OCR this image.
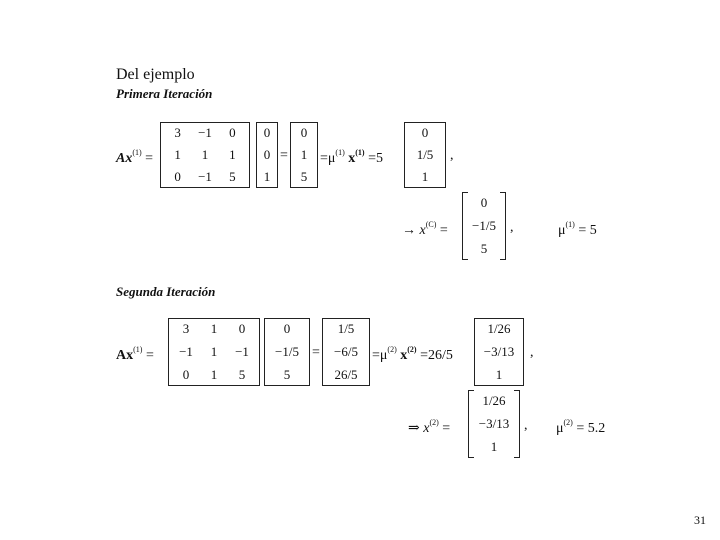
Del ejemplo
Primera Iteración
$Ax^{(1)}$ =
3	−1	0
1	1	1
0	−1	5
0
0
1
=
0
1
5
$=\mu^{(1)}$ $x^{(1)} =5$
0
1/5
1
,
→ $x^{(C)}$ =
0
−1/5
5
,	$\mu^{(1)} = 5$
Segunda Iteración
$Ax^{(1)}$ =
3	1	0
−1	1	−1
0	1	5
0
−1/5
5
=
1/5
−6/5
26/5
$=\mu^{(2)}$ $x^{(2)} =26/5$
1/26
−3/13
1
,
⇒ $x^{(2)}$ =
1/26
−3/13
1
, $\mu^{(2)} = 5.2$
31
